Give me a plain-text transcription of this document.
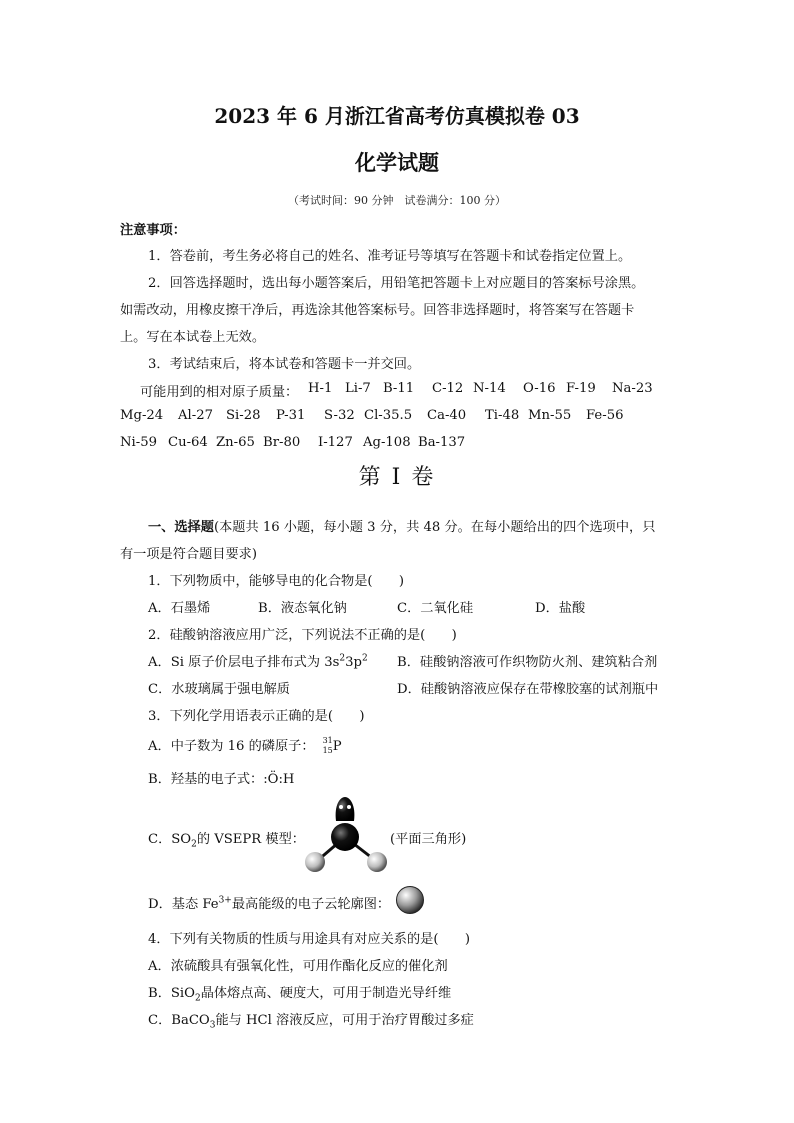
2023 年 6 月浙江省高考仿真模拟卷 03
化学试题
（考试时间：90 分钟　试卷满分：100 分）
注意事项：
1．答卷前，考生务必将自己的姓名、准考证号等填写在答题卡和试卷指定位置上。
2．回答选择题时，选出每小题答案后，用铅笔把答题卡上对应题目的答案标号涂黑。
如需改动，用橡皮擦干净后，再选涂其他答案标号。回答非选择题时，将答案写在答题卡
上。写在本试卷上无效。
3．考试结束后，将本试卷和答题卡一并交回。
可能用到的相对原子质量： H-1 Li-7 B-11 C-12 N-14 O-16 F-19 Na-23
Mg-24 Al-27 Si-28 P-31 S-32 Cl-35.5 Ca-40 Ti-48 Mn-55 Fe-56
Ni-59 Cu-64 Zn-65 Br-80 I-127 Ag-108 Ba-137
第 I 卷
一、选择题(本题共 16 小题，每小题 3 分，共 48 分。在每小题给出的四个选项中，只
有一项是符合题目要求)
1．下列物质中，能够导电的化合物是(　　)
A．石墨烯	B．液态氧化钠	C．二氧化硅	D．盐酸
2．硅酸钠溶液应用广泛，下列说法不正确的是(　　)
A．Si 原子价层电子排布式为 $3s^23p^2$ B．硅酸钠溶液可作织物防火剂、建筑粘合剂
C．水玻璃属于强电解质	D．硅酸钠溶液应保存在带橡胶塞的试剂瓶中
3．下列化学用语表示正确的是(　　)
A．中子数为 16 的磷原子： 31
15 P
B．羟基的电子式：:Ö:H
C．$SO_2$的 VSEPR 模型：	(平面三角形)
D．基态 $Fe^{3+}$最高能级的电子云轮廓图：
4．下列有关物质的性质与用途具有对应关系的是(　　)
A．浓硫酸具有强氧化性，可用作酯化反应的催化剂
B．SiO$_2$晶体熔点高、硬度大，可用于制造光导纤维
C．BaCO$_3$能与 HCl 溶液反应，可用于治疗胃酸过多症
